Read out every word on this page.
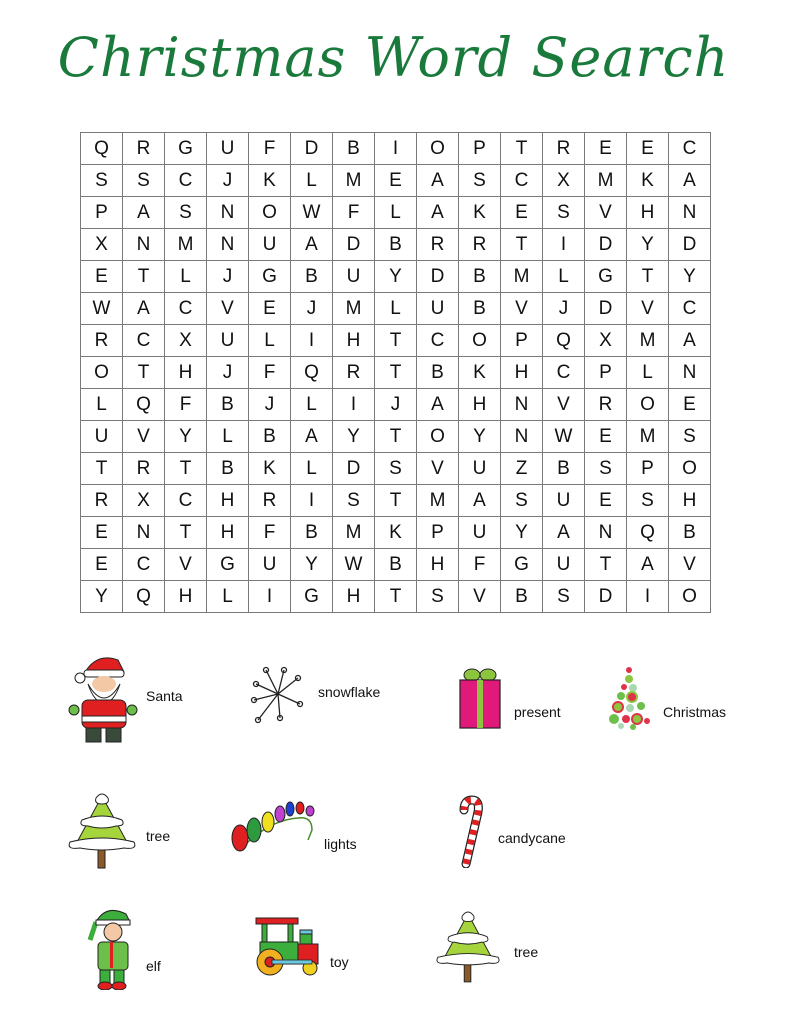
Christmas Word Search
Q	R	G	U	F	D	B	I	O	P	T	R	E	E	C
S	S	C	J	K	L	M	E	A	S	C	X	M	K	A
P	A	S	N	O	W	F	L	A	K	E	S	V	H	N
X	N	M	N	U	A	D	B	R	R	T	I	D	Y	D
E	T	L	J	G	B	U	Y	D	B	M	L	G	T	Y
W	A	C	V	E	J	M	L	U	B	V	J	D	V	C
R	C	X	U	L	I	H	T	C	O	P	Q	X	M	A
O	T	H	J	F	Q	R	T	B	K	H	C	P	L	N
L	Q	F	B	J	L	I	J	A	H	N	V	R	O	E
U	V	Y	L	B	A	Y	T	O	Y	N	W	E	M	S
T	R	T	B	K	L	D	S	V	U	Z	B	S	P	O
R	X	C	H	R	I	S	T	M	A	S	U	E	S	H
E	N	T	H	F	B	M	K	P	U	Y	A	N	Q	B
E	C	V	G	U	Y	W	B	H	F	G	U	T	A	V
Y	Q	H	L	I	G	H	T	S	V	B	S	D	I	O
Santa	snowflake
present	Christmas
tree	lights	candycane
elf	toy
tree
